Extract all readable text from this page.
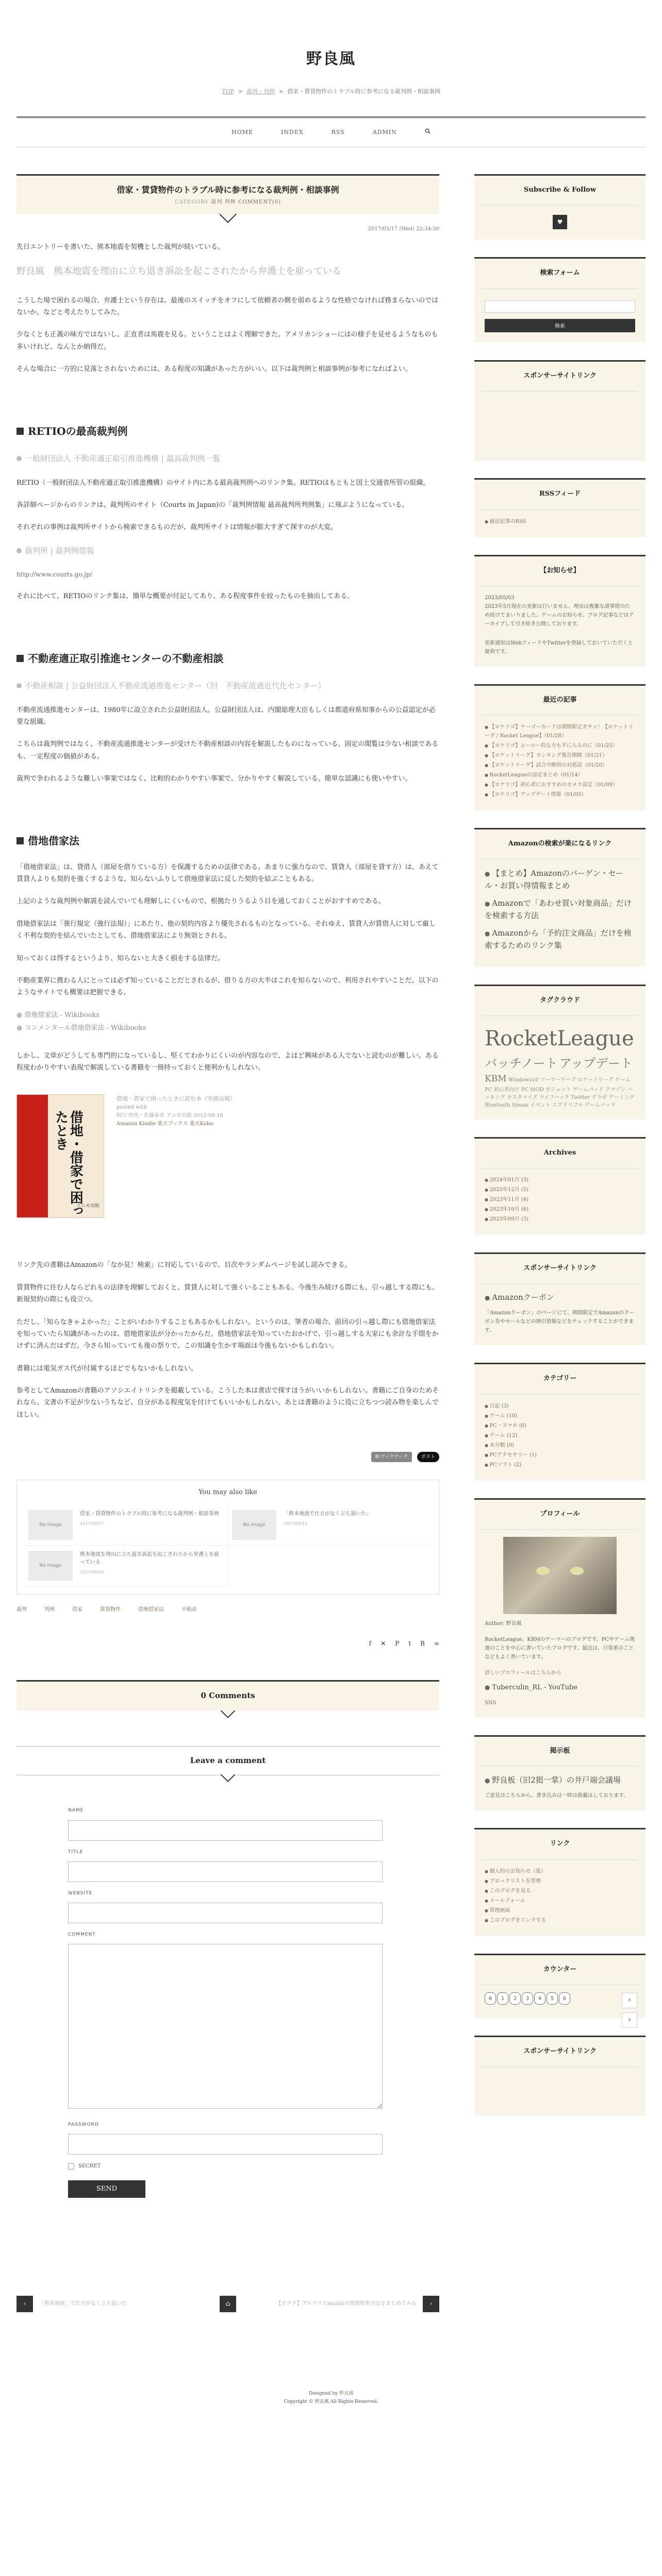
野良風
TOP > 裁判・判例 > 借家・賃貸物件のトラブル時に参考になる裁判例・相談事例
HOME	INDEX	RSS	ADMIN
借家・賃貸物件のトラブル時に参考になる裁判例・相談事例
CATEGORY 裁判 判例 COMMENT(0)
2017/05/17 (Wed) 22:34:50

先日エントリーを書いた、熊本地震を契機とした裁判が続いている。

野良風　熊本地震を理由に立ち退き訴訟を起こされたから弁護士を雇っている

こうした場で困れるの場合、弁護士という存在は、最後のスイッチをオフにして依頼者の側を弱めるような性格でなければ務まらないのではないか。などと考えたりしてみた。

少なくとも正義の味方ではないし、正直者は馬鹿を見る。ということはよく理解できた。アメリカンショーにはの様子を見せるようなものも多いけれど、なんとか納得だ。

そんな場合に一方的に見落とされないためには、ある程度の知識があった方がいい。以下は裁判例と相談事例が参考になればよい。

RETIOの最高裁判例
一般財団法人 不動産適正取引推進機構 | 最高裁判例一覧

RETIO（一般財団法人不動産適正取引推進機構）のサイト内にある最高裁判例へのリンク集。RETIOはもともと国土交通省所管の組織。

各詳細ページからのリンクは、裁判所のサイト（Courts in Japan)の「裁判例情報 最高裁判所判例集」に飛ぶようになっている。

それぞれの事例は裁判所サイトから検索できるものだが、裁判所サイトは情報が膨大すぎて探すのが大変。

裁判所 | 裁判例情報

http://www.courts.go.jp/

それに比べて、RETIOのリンク集は、簡単な概要が付記してあり、ある程度事件を絞ったものを抽出してある。

不動産適正取引推進センターの不動産相談
不動産相談 | 公益財団法人不動産流通推進センター（旧　不動産流通近代化センター）

不動産流通推進センターは、1980年に設立された公益財団法人。公益財団法人は、内閣総理大臣もしくは都道府県知事からの公益認定が必要な組織。

こちらは裁判例ではなく、不動産流通推進センターが受けた不動産相談の内容を解説したものになっている。固定の閲覧は少ない相談であるも、一定程度の価値がある。

裁判で争われるような難しい事案ではなく、比較的わかりやすい事案で、分かりやすく解説している。簡単な認識にも使いやすい。

借地借家法

「借地借家法」は、貸借人（部屋を借りている方）を保護するための法律である。あまりに強力なので、賃貸人（部屋を貸す方）は、あえて賃貸人よりも契約を強くするような、知らないふりして借地借家法に反した契約を結ぶこともある。

上記のような裁判例や解説を読んでいても理解しにくいもので、根拠たりうるよう目を通しておくことがおすすめである。

借地借家法は「強行規定（強行法規）」にあたり、他の契約内容より優先されるものとなっている。それゆえ、賃貸人が賃借人に対して厳しく不利な契約を結んでいたとしても、借地借家法により無効とされる。

知っておくは得するというより、知らないと大きく損をする法律だ。

不動産業界に携わる人にとっては必ず知っていることだとされるが、借りる方の大半はこれを知らないので、利用されやすいことだ。以下のようなサイトでも概要は把握できる。

● 借地借家法 - Wikibooks
● コンメンタール借地借家法 - Wikibooks

しかし、文章がどうしても専門的になっているし、堅くてわかりにくいのが内容なので、よほど興味がある人でないと読むのが難しい。ある程度わかりやすい表現で解説している書籍を一冊持っておくと便利かもしれない。

借地・借家で困ったとき
アニモ出版
借地・借家で困ったときに読む本（実務法規）
posted with
阿川 明男・佐藤泰章 アニモ出版 2012-08-16
Amazon Kindle 楽天ブックス 楽天Kobo

リンク先の書籍はAmazonの「なか見！検索」に対応しているので、目次やランダムページを試し読みできる。

賃貸物件に住む人ならどれもの法律を理解しておくと、賃貸人に対して強くいることもある。今後生み続ける際にも、引っ越しする際にも、新規契約の際にも役立つ。

ただし、「知らなきゃよかった」ことがいわかりすることもあるかもしれない。というのは、筆者の場合、前回の引っ越し際にも借地借家法を知っていたら知識があったのは、借地借家法が分かったからだ。借地借家法を知っていたおかげで、引っ越しする大家にも余計な手間をかけずに済んだはずだ。今さら知っていても後の祭りで、この知識を生かす場面は今後もないかもしれない。

書籍には電気ガス代が付属するほどでもないかもしれない。

参考としてAmazonの書籍のアソシエイトリンクを掲載している。こうした本は書店で探すほうがいいかもしれない。書籍にご自身のためそれなら、文書の不足が少ないうちなど、自分がある程度気を付けてもいいかもしれない。あとは書籍のように役に立ちつつ読み物を楽しんでほしい。

B!ブックマーク	ポスト
You may also like
No image
借家・賃貸物件のトラブル時に参考になる裁判例・相談事例
2017/05/17	No image
「熊本地震で仕方がなく立ち退いた」
2017/05/12
No image
熊本地震を理由に立ち退き訴訟を起こされたから弁護士を雇っている
2017/05/10
裁判	判例	借家	賃貸物件	借地借家法	不動産
f ✕ P t B ∞
0 Comments
Leave a comment
NAME
TITLE
WEBSITE
COMMENT
PASSWORD
SECRET
SEND
‹	「熊本地震」で仕方がなく立ち退いた	⌂	【ガクチ】アルゲリカmozilaの情報収集方法をまとめてみる	›
Subscribe & Follow
♥
検索フォーム
検索
スポンサーサイトリンク
RSSフィード
● 最近記事のRSS
【お知らせ】
2023/05/03
2023年5月現在の更新は行いません。理由は複雑な諸事情のため続けてまいりました。ゲームのお知らせ、ブログ記事などはアーカイブして引き続き公開しております。
更新通知はWebフィードやTwitterを登録しておいていただくと便利です。
最近の記事
● 【ロケリゴ】ケーゴーカードは期間限定ガチャ！【ロケットリーグ / Rocket League】（01/28）
● 【ロケリゴ】ヒーロー的な力も手に入るのに（01/25）
● 【ロケットリーグ】ランキング報告期間（01/21）
● 【ロケットリーグ】試合中断時の対処法（01/20）
● RocketLeagueの設定まとめ（01/14）
● 【ロケリゴ】初心者におすすめのカメラ設定（01/09）
● 【ロケリゴ】アップデート情報（01/05）
Amazonの検索が楽になるリンク
● 【まとめ】Amazonのバーゲン・セール・お買い得情報まとめ
● Amazonで「あわせ買い対象商品」だけを検索する方法
● Amazonから「予約注文商品」だけを検索するためのリンク集
タグクラウド
RocketLeague バッチノート アップデート KBM Windows10 ソーラーケーブ ロケットリーグ ゲーム PC 初心者向け PC MOD ガジェット ゲームパッド アマゾン ハッキング カスタマイズ ライフハック Twitter グラボ ゲーミング Bluetooth Steam イベント エアドリブル ゲームパッド
Archives
● 2024年01月 (3)
● 2023年12月 (5)
● 2023年11月 (4)
● 2023年10月 (6)
● 2023年09月 (3)
スポンサーサイトリンク
● Amazonクーポン
「Amazonクーポン」のページにて、期間限定でAmazonのクーポン券やセールなどの割引情報などをチェックすることができます。
カテゴリー
● 日記 (3)
● ゲーム (10)
● PC・スマホ (6)
● ゲーム (12)
● 未分類 (0)
● PCアクセサリー (1)
● PCソフト (2)
プロフィール
Author: 野良風
RocketLeague、KBMのゲーマーのブログです。PCやゲーム関連のことを中心に書いていたブログです。最近は、日常系のことなどもよく書いています。
詳しいプロフィールはこちらから
● Tuberculin_RL - YouTube
SNS
掲示板
● 野良板（旧2掲一掌）の井戸端会議場
ご意見はこちらから。書き込みは一時は掲載はしております。
リンク
● 個人的のお知らせ（仮）
● ブロックリストを管理
● このブログを見る
● メールフォーム
● 管理画面
● このブログをリンクする
カウンター
0	1	2	3	4	5	6
スポンサーサイトリンク
∧
∨
Designed by 野良風
Copyright © 野良風 All Rights Reserved.
